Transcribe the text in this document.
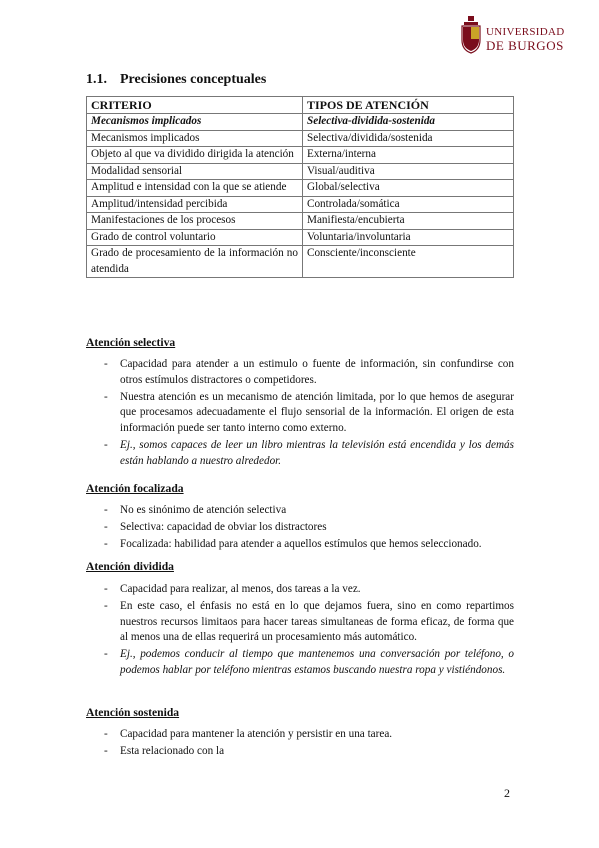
UNIVERSIDAD
DE BURGOS
1.1. Precisiones conceptuales
CRITERIO	TIPOS DE ATENCIÓN
Mecanismos implicados	Selectiva-dividida-sostenida
Mecanismos implicados	Selectiva/dividida/sostenida
Objeto al que va dividido dirigida la atención	Externa/interna
Modalidad sensorial	Visual/auditiva
Amplitud e intensidad con la que se atiende	Global/selectiva
Amplitud/intensidad percibida	Controlada/somática
Manifestaciones de los procesos	Manifiesta/encubierta
Grado de control voluntario	Voluntaria/involuntaria
Grado de procesamiento de la información no atendida	Consciente/inconsciente
Atención selectiva
- Capacidad para atender a un estimulo o fuente de información, sin confundirse con otros estímulos distractores o competidores.
- Nuestra atención es un mecanismo de atención limitada, por lo que hemos de asegurar que procesamos adecuadamente el flujo sensorial de la información. El origen de esta información puede ser tanto interno como externo.
- Ej., somos capaces de leer un libro mientras la televisión está encendida y los demás están hablando a nuestro alrededor.
Atención focalizada
- No es sinónimo de atención selectiva
- Selectiva: capacidad de obviar los distractores
- Focalizada: habilidad para atender a aquellos estímulos que hemos seleccionado.
Atención dividida
- Capacidad para realizar, al menos, dos tareas a la vez.
- En este caso, el énfasis no está en lo que dejamos fuera, sino en como repartimos nuestros recursos limitaos para hacer tareas simultaneas de forma eficaz, de forma que al menos una de ellas requerirá un procesamiento más automático.
- Ej., podemos conducir al tiempo que mantenemos una conversación por teléfono, o podemos hablar por teléfono mientras estamos buscando nuestra ropa y vistiéndonos.
Atención sostenida
- Capacidad para mantener la atención y persistir en una tarea.
- Esta relacionado con la
2
